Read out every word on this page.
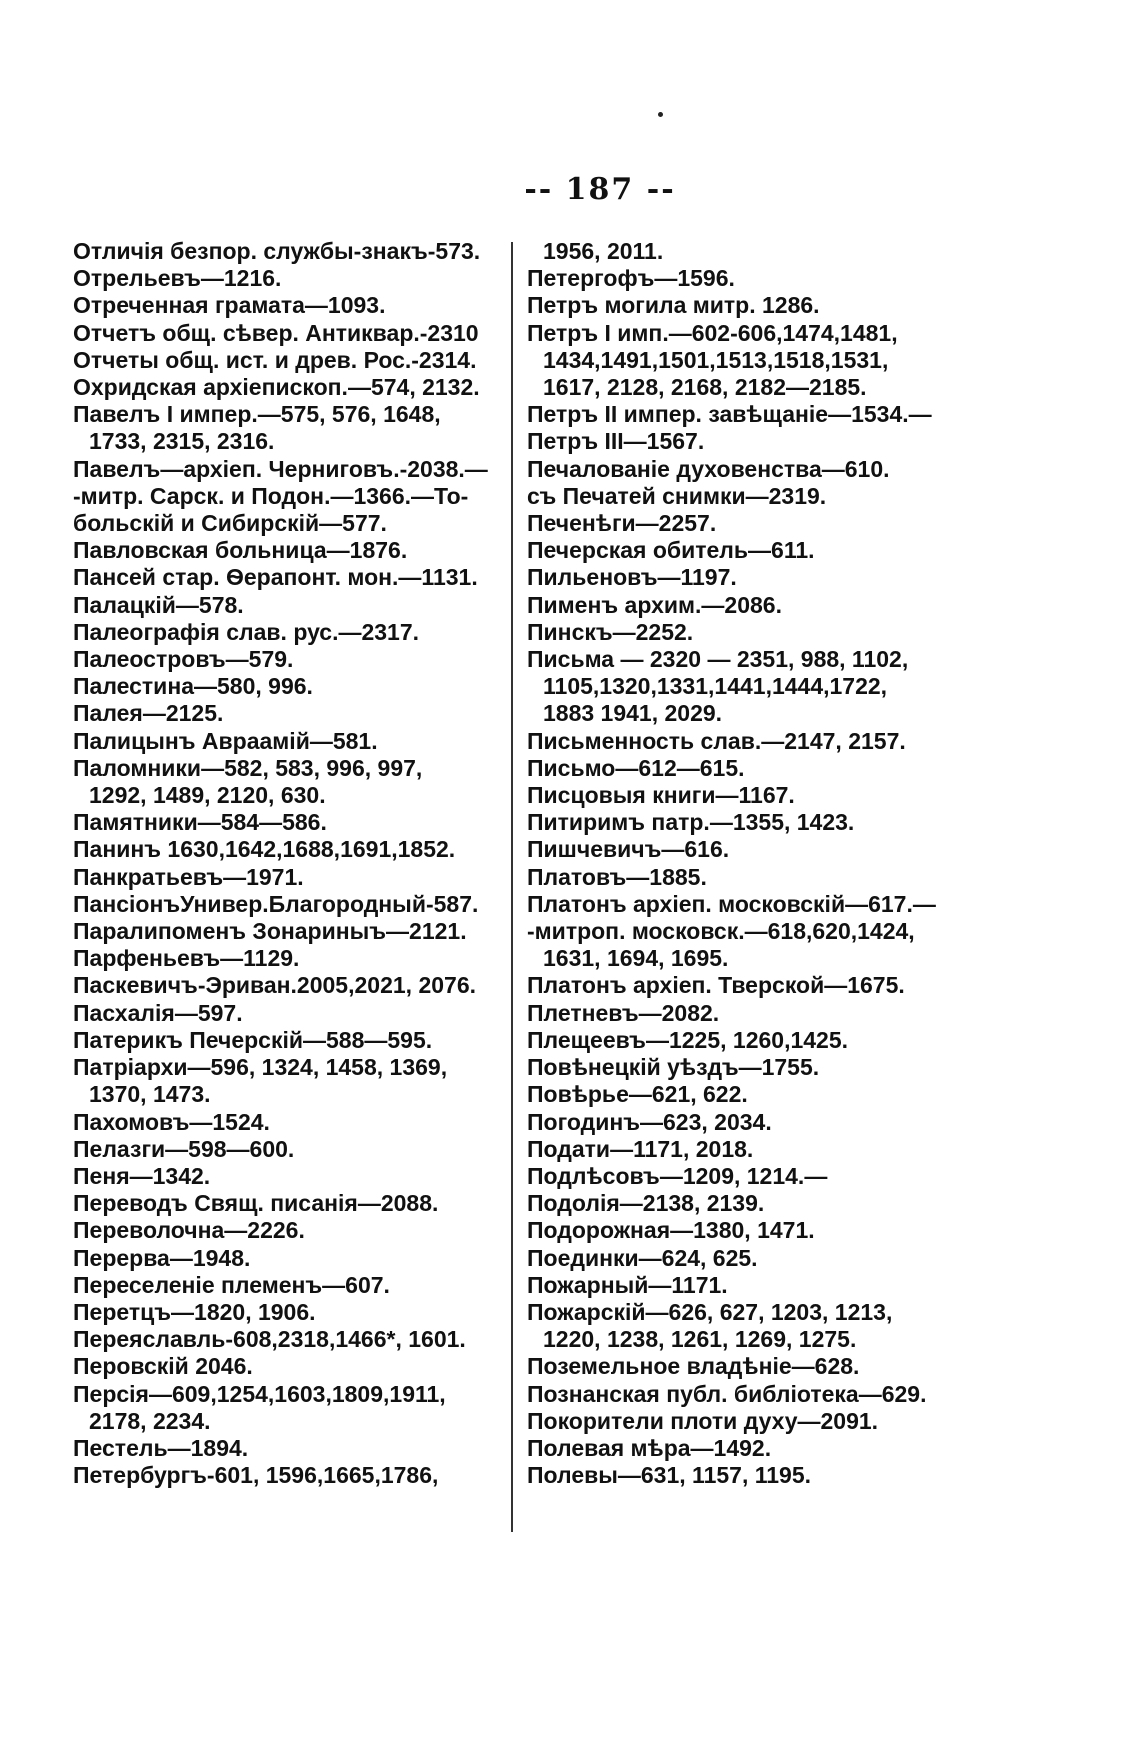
-- 187 --
Отличiя безпор. службы-знакъ-573.
Отрельевъ—1216.
Отреченная грамата—1093.
Отчетъ общ. сѣвер. Антиквар.-2310
Отчеты общ. ист. и древ. Рос.-2314.
Охридская архiепископ.—574, 2132.
Павелъ I импер.—575, 576, 1648,
1733, 2315, 2316.
Павелъ—архiеп. Черниговъ.-2038.—
-митр. Сарск. и Подон.—1366.—То-
больскiй и Сибирскiй—577.
Павловская больница—1876.
Пансей стар. Ѳерапонт. мон.—1131.
Палацкiй—578.
Палеографiя слав. рус.—2317.
Палеостровъ—579.
Палестина—580, 996.
Палея—2125.
Палицынъ Авраамiй—581.
Паломники—582, 583, 996, 997,
1292, 1489, 2120, 630.
Памятники—584—586.
Панинъ 1630,1642,1688,1691,1852.
Панкратьевъ—1971.
ПансiонъУнивер.Благородный-587.
Паралипоменъ Зонариныъ—2121.
Парфеньевъ—1129.
Паскевичъ-Эриван.2005,2021, 2076.
Пасхалiя—597.
Патерикъ Печерскiй—588—595.
Патрiархи—596, 1324, 1458, 1369,
1370, 1473.
Пахомовъ—1524.
Пелазги—598—600.
Пеня—1342.
Переводъ Свящ. писанiя—2088.
Переволочна—2226.
Перерва—1948.
Переселенiе племенъ—607.
Перетцъ—1820, 1906.
Переяславль-608,2318,1466*, 1601.
Перовскiй 2046.
Персiя—609,1254,1603,1809,1911,
2178, 2234.
Пестель—1894.
Петербургъ-601, 1596,1665,1786,
1956, 2011.
Петергофъ—1596.
Петръ могила митр. 1286.
Петръ I имп.—602-606,1474,1481,
1434,1491,1501,1513,1518,1531,
1617, 2128, 2168, 2182—2185.
Петръ II импер. завѣщанiе—1534.—
Петръ III—1567.
Печалованiе духовенства—610.
съ Печатей снимки—2319.
Печенѣги—2257.
Печерская обитель—611.
Пильеновъ—1197.
Пименъ архим.—2086.
Пинскъ—2252.
Письма — 2320 — 2351, 988, 1102,
1105,1320,1331,1441,1444,1722,
1883 1941, 2029.
Письменность слав.—2147, 2157.
Письмо—612—615.
Писцовыя книги—1167.
Питиримъ патр.—1355, 1423.
Пишчевичъ—616.
Платовъ—1885.
Платонъ архiеп. московскiй—617.—
-митроп. московск.—618,620,1424,
1631, 1694, 1695.
Платонъ архiеп. Тверской—1675.
Плетневъ—2082.
Плещеевъ—1225, 1260,1425.
Повѣнецкiй уѣздъ—1755.
Повѣрье—621, 622.
Погодинъ—623, 2034.
Подати—1171, 2018.
Подлѣсовъ—1209, 1214.—
Подолiя—2138, 2139.
Подорожная—1380, 1471.
Поединки—624, 625.
Пожарный—1171.
Пожарскiй—626, 627, 1203, 1213,
1220, 1238, 1261, 1269, 1275.
Поземельное владѣнiе—628.
Познанская публ. библiотека—629.
Покорители плоти духу—2091.
Полевая мѣра—1492.
Полевы—631, 1157, 1195.
